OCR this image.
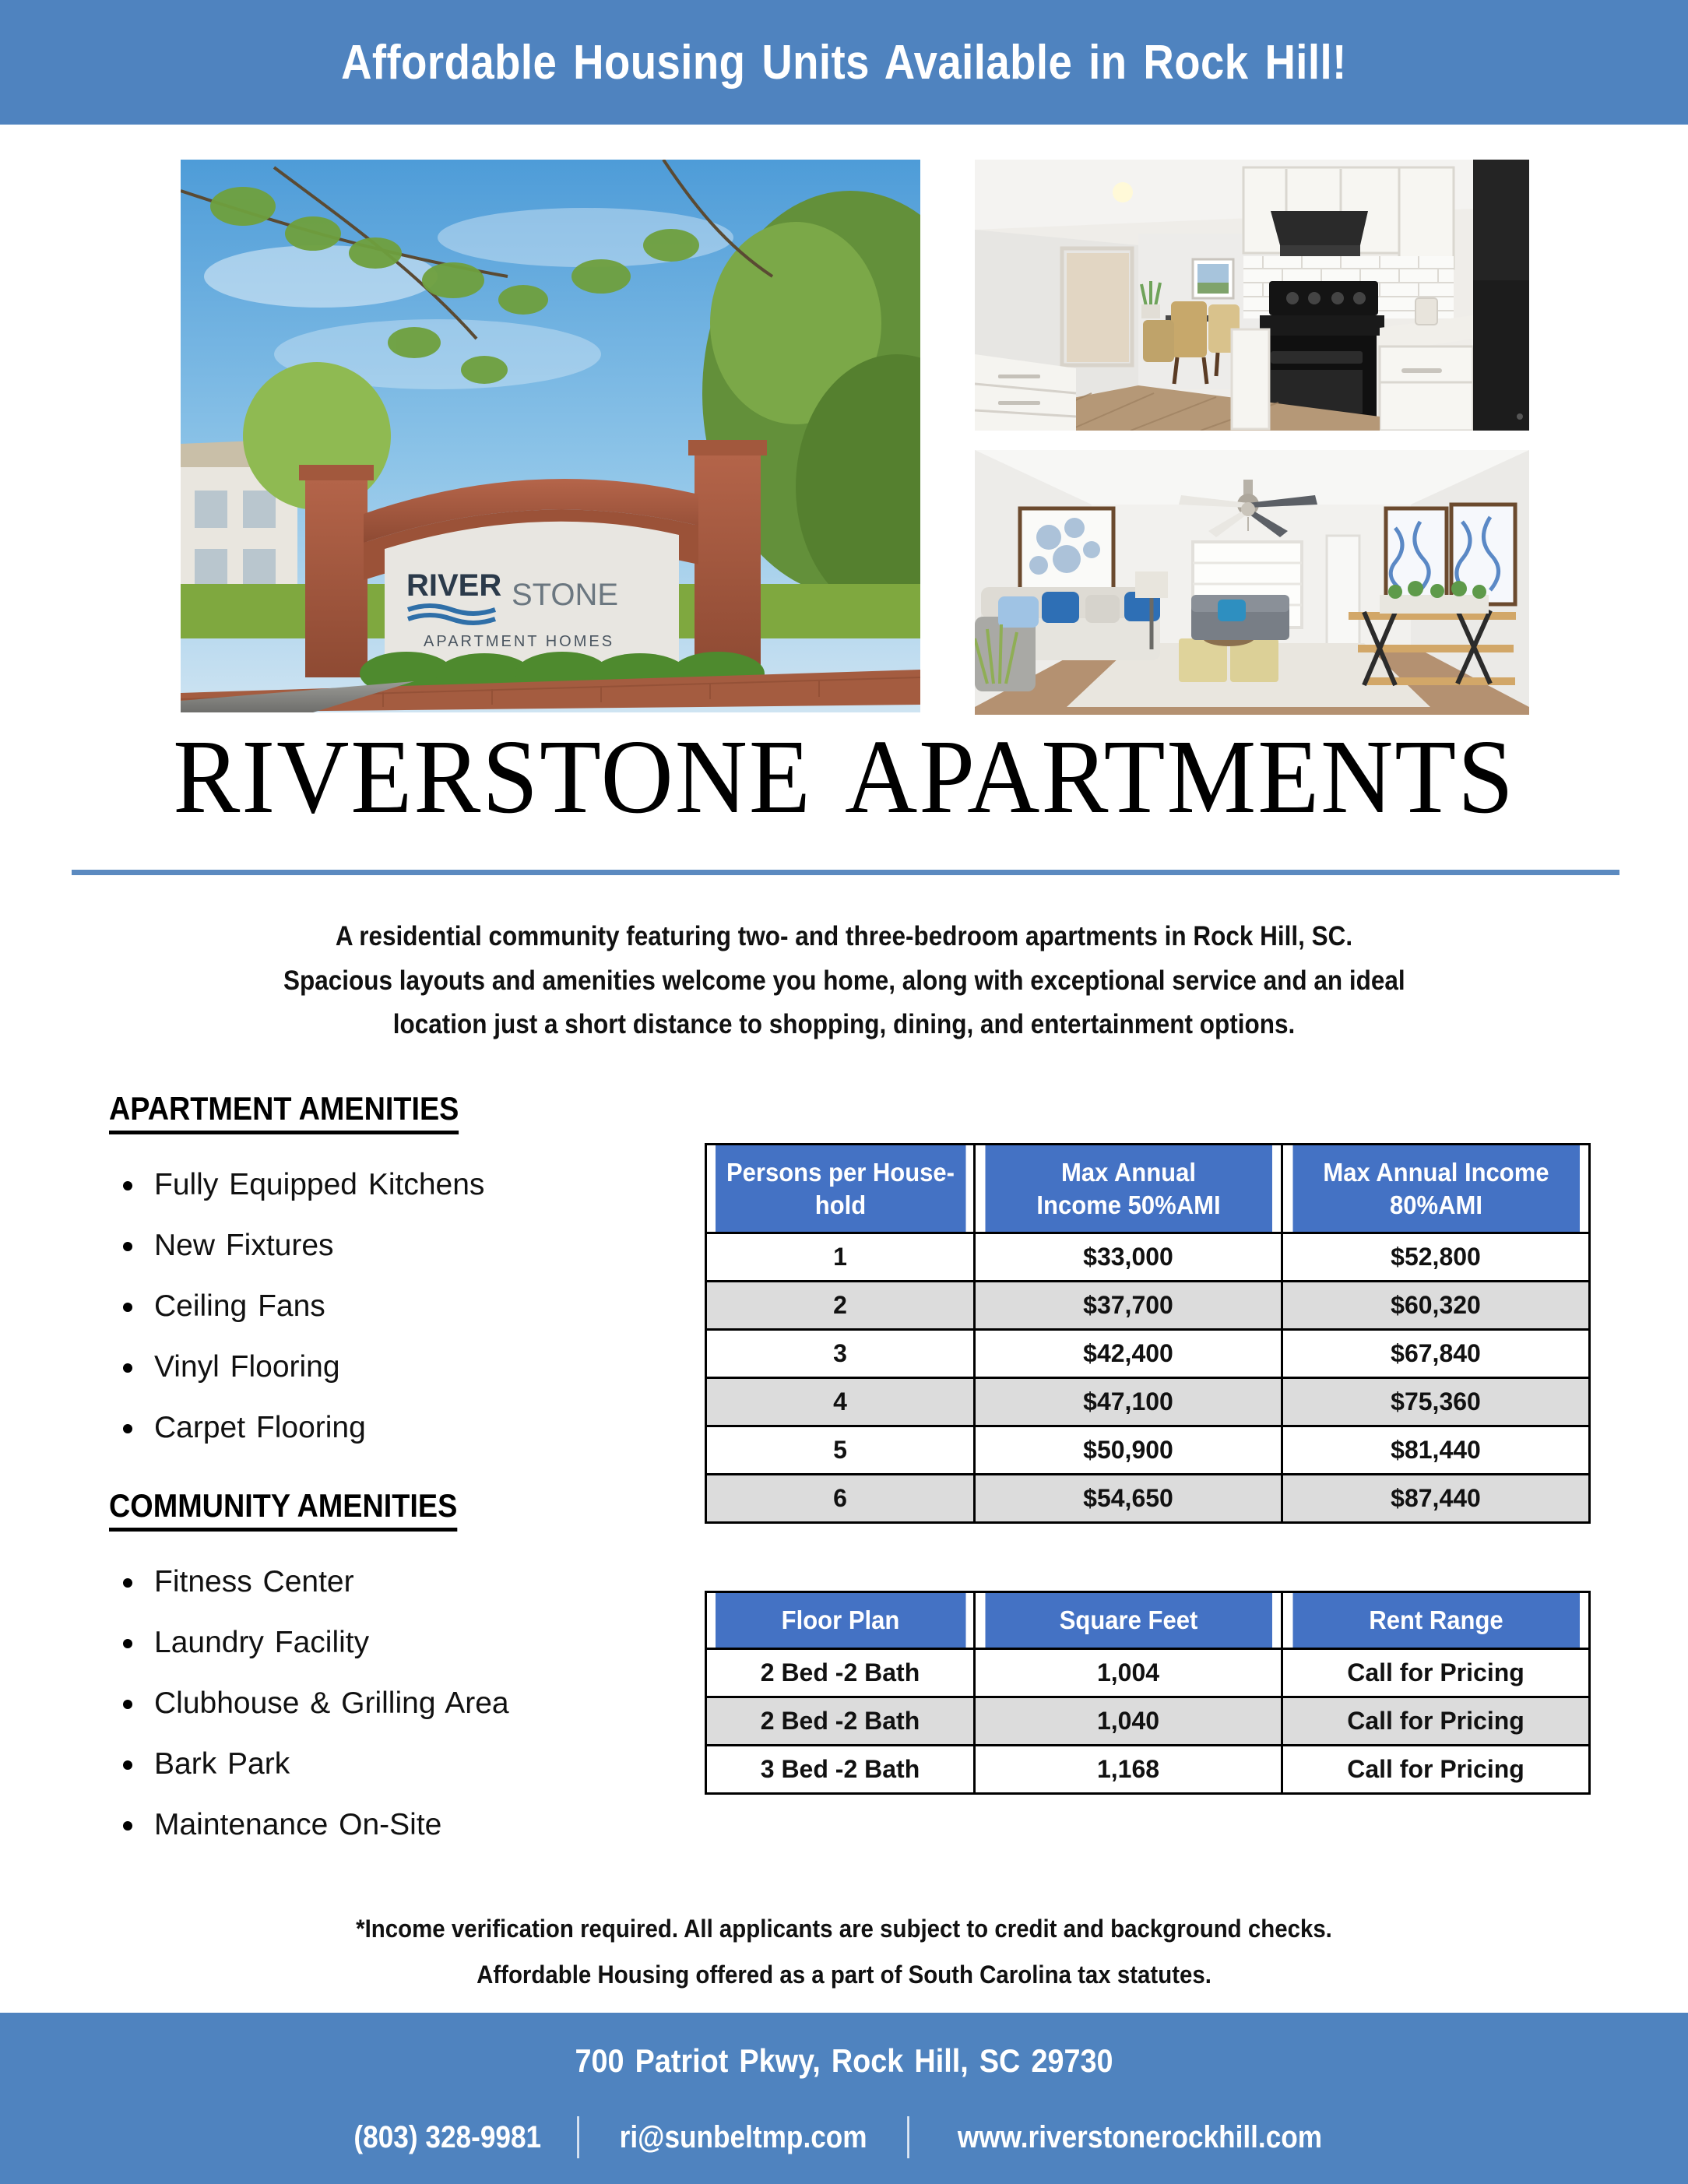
Affordable Housing Units Available in Rock Hill!
RIVER STONE
APARTMENT HOMES
RIVERSTONE APARTMENTS
A residential community featuring two- and three-bedroom apartments in Rock Hill, SC.
Spacious layouts and amenities welcome you home, along with exceptional service and an ideal
location just a short distance to shopping, dining, and entertainment options.
APARTMENT AMENITIES
Fully Equipped Kitchens
New Fixtures
Ceiling Fans
Vinyl Flooring
Carpet Flooring
COMMUNITY AMENITIES
Fitness Center
Laundry Facility
Clubhouse & Grilling Area
Bark Park
Maintenance On-Site
Persons per House-
hold

Max Annual
Income 50%AMI

Max Annual Income
80%AMI

1	$33,000	$52,800
2	$37,700	$60,320
3	$42,400	$67,840
4	$47,100	$75,360
5	$50,900	$81,440
6	$54,650	$87,440
Floor Plan	Square Feet	Rent Range
2 Bed -2 Bath	1,004	Call for Pricing
2 Bed -2 Bath	1,040	Call for Pricing
3 Bed -2 Bath	1,168	Call for Pricing
*Income verification required. All applicants are subject to credit and background checks.
Affordable Housing offered as a part of South Carolina tax statutes.
700 Patriot Pkwy, Rock Hill, SC 29730
(803) 328-9981	ri@sunbeltmp.com	www.riverstonerockhill.com
